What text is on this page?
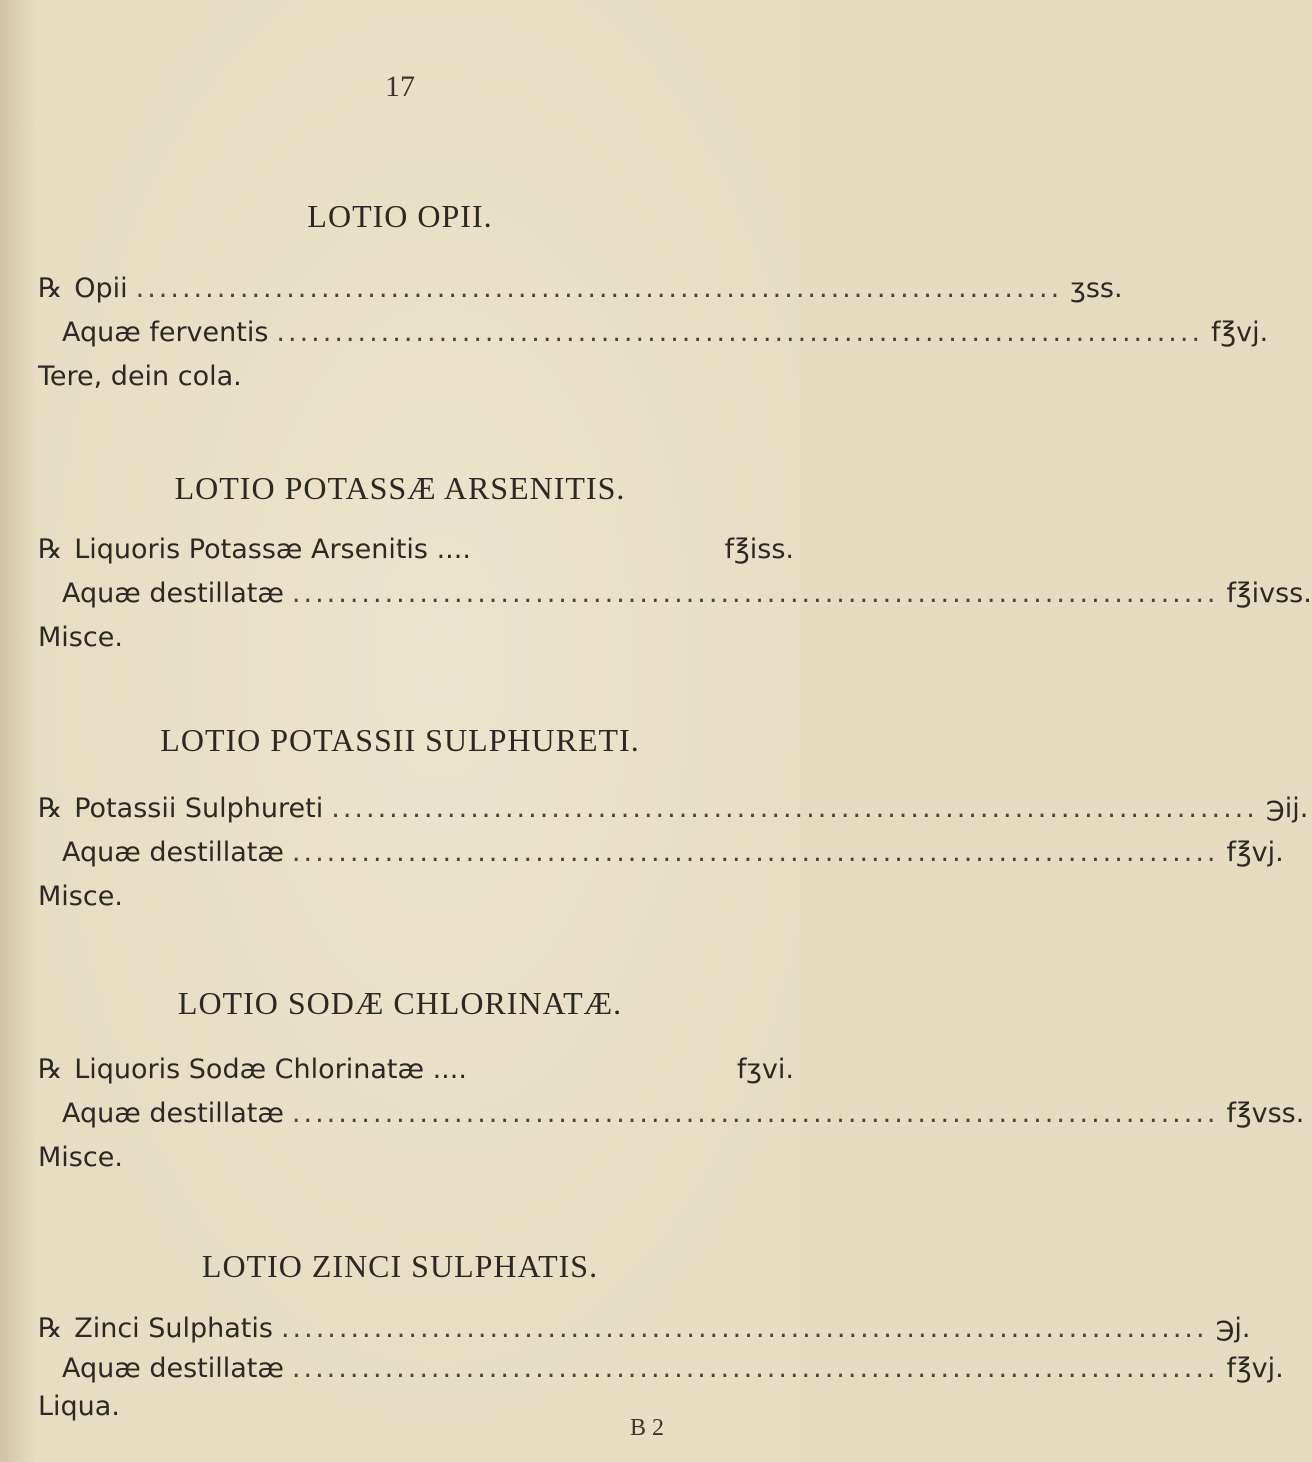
17
LOTIO OPII.
℞ Opii ................................................................................ ʒss.
Aquæ ferventis ................................................................................ f℥vj.
Tere, dein cola.
LOTIO POTASSÆ ARSENITIS.
℞ Liquoris Potassæ Arsenitis ....	f℥iss.
Aquæ destillatæ ................................................................................ f℥ivss.
Misce.
LOTIO POTASSII SULPHURETI.
℞ Potassii Sulphureti ................................................................................ ℈ij.
Aquæ destillatæ ................................................................................ f℥vj.
Misce.
LOTIO SODÆ CHLORINATÆ.
℞ Liquoris Sodæ Chlorinatæ ....	fʒvi.
Aquæ destillatæ ................................................................................ f℥vss.
Misce.
LOTIO ZINCI SULPHATIS.
℞ Zinci Sulphatis ................................................................................ ℈j.
Aquæ destillatæ ................................................................................ f℥vj.
Liqua.
B 2
